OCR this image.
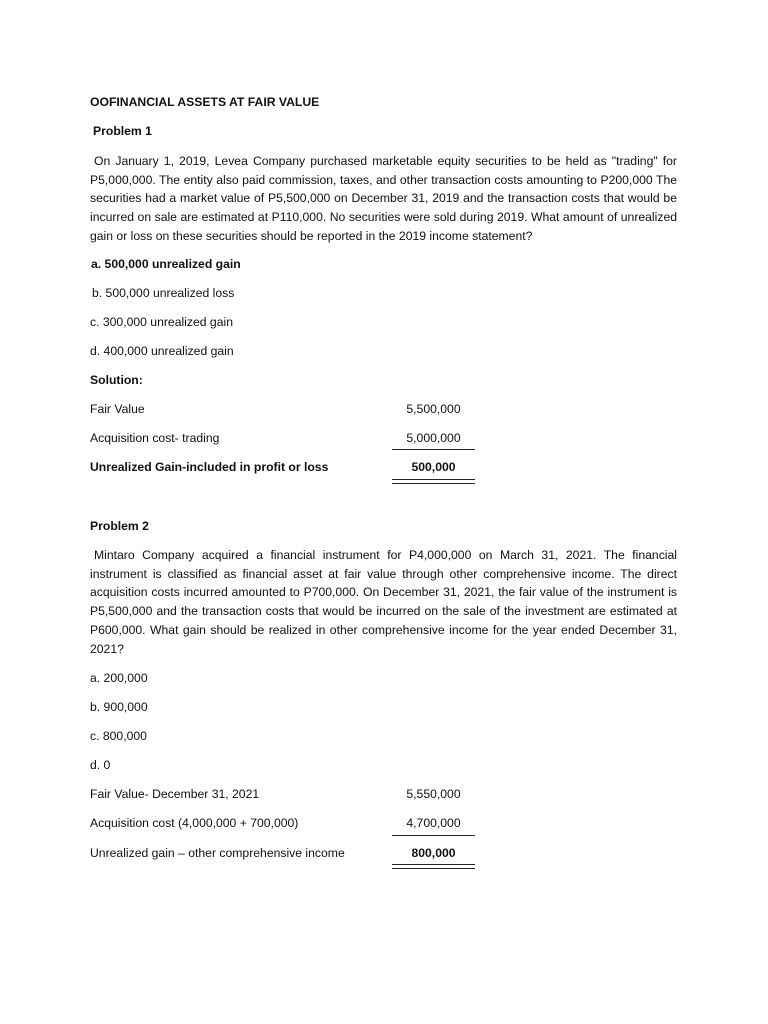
OOFINANCIAL ASSETS AT FAIR VALUE
Problem 1
On January 1, 2019, Levea Company purchased marketable equity securities to be held as "trading" for P5,000,000. The entity also paid commission, taxes, and other transaction costs amounting to P200,000 The securities had a market value of P5,500,000 on December 31, 2019 and the transaction costs that would be incurred on sale are estimated at P110,000. No securities were sold during 2019. What amount of unrealized gain or loss on these securities should be reported in the 2019 income statement?
a. 500,000 unrealized gain
b. 500,000 unrealized loss
c. 300,000 unrealized gain
d. 400,000 unrealized gain
Solution:
Fair Value	5,500,000
Acquisition cost- trading	5,000,000
Unrealized Gain-included in profit or loss	500,000
Problem 2
Mintaro Company acquired a financial instrument for P4,000,000 on March 31, 2021. The financial instrument is classified as financial asset at fair value through other comprehensive income. The direct acquisition costs incurred amounted to P700,000. On December 31, 2021, the fair value of the instrument is P5,500,000 and the transaction costs that would be incurred on the sale of the investment are estimated at P600,000. What gain should be realized in other comprehensive income for the year ended December 31, 2021?
a. 200,000
b. 900,000
c. 800,000
d. 0
Fair Value- December 31, 2021	5,550,000
Acquisition cost (4,000,000 + 700,000)	4,700,000
Unrealized gain – other comprehensive income	800,000
